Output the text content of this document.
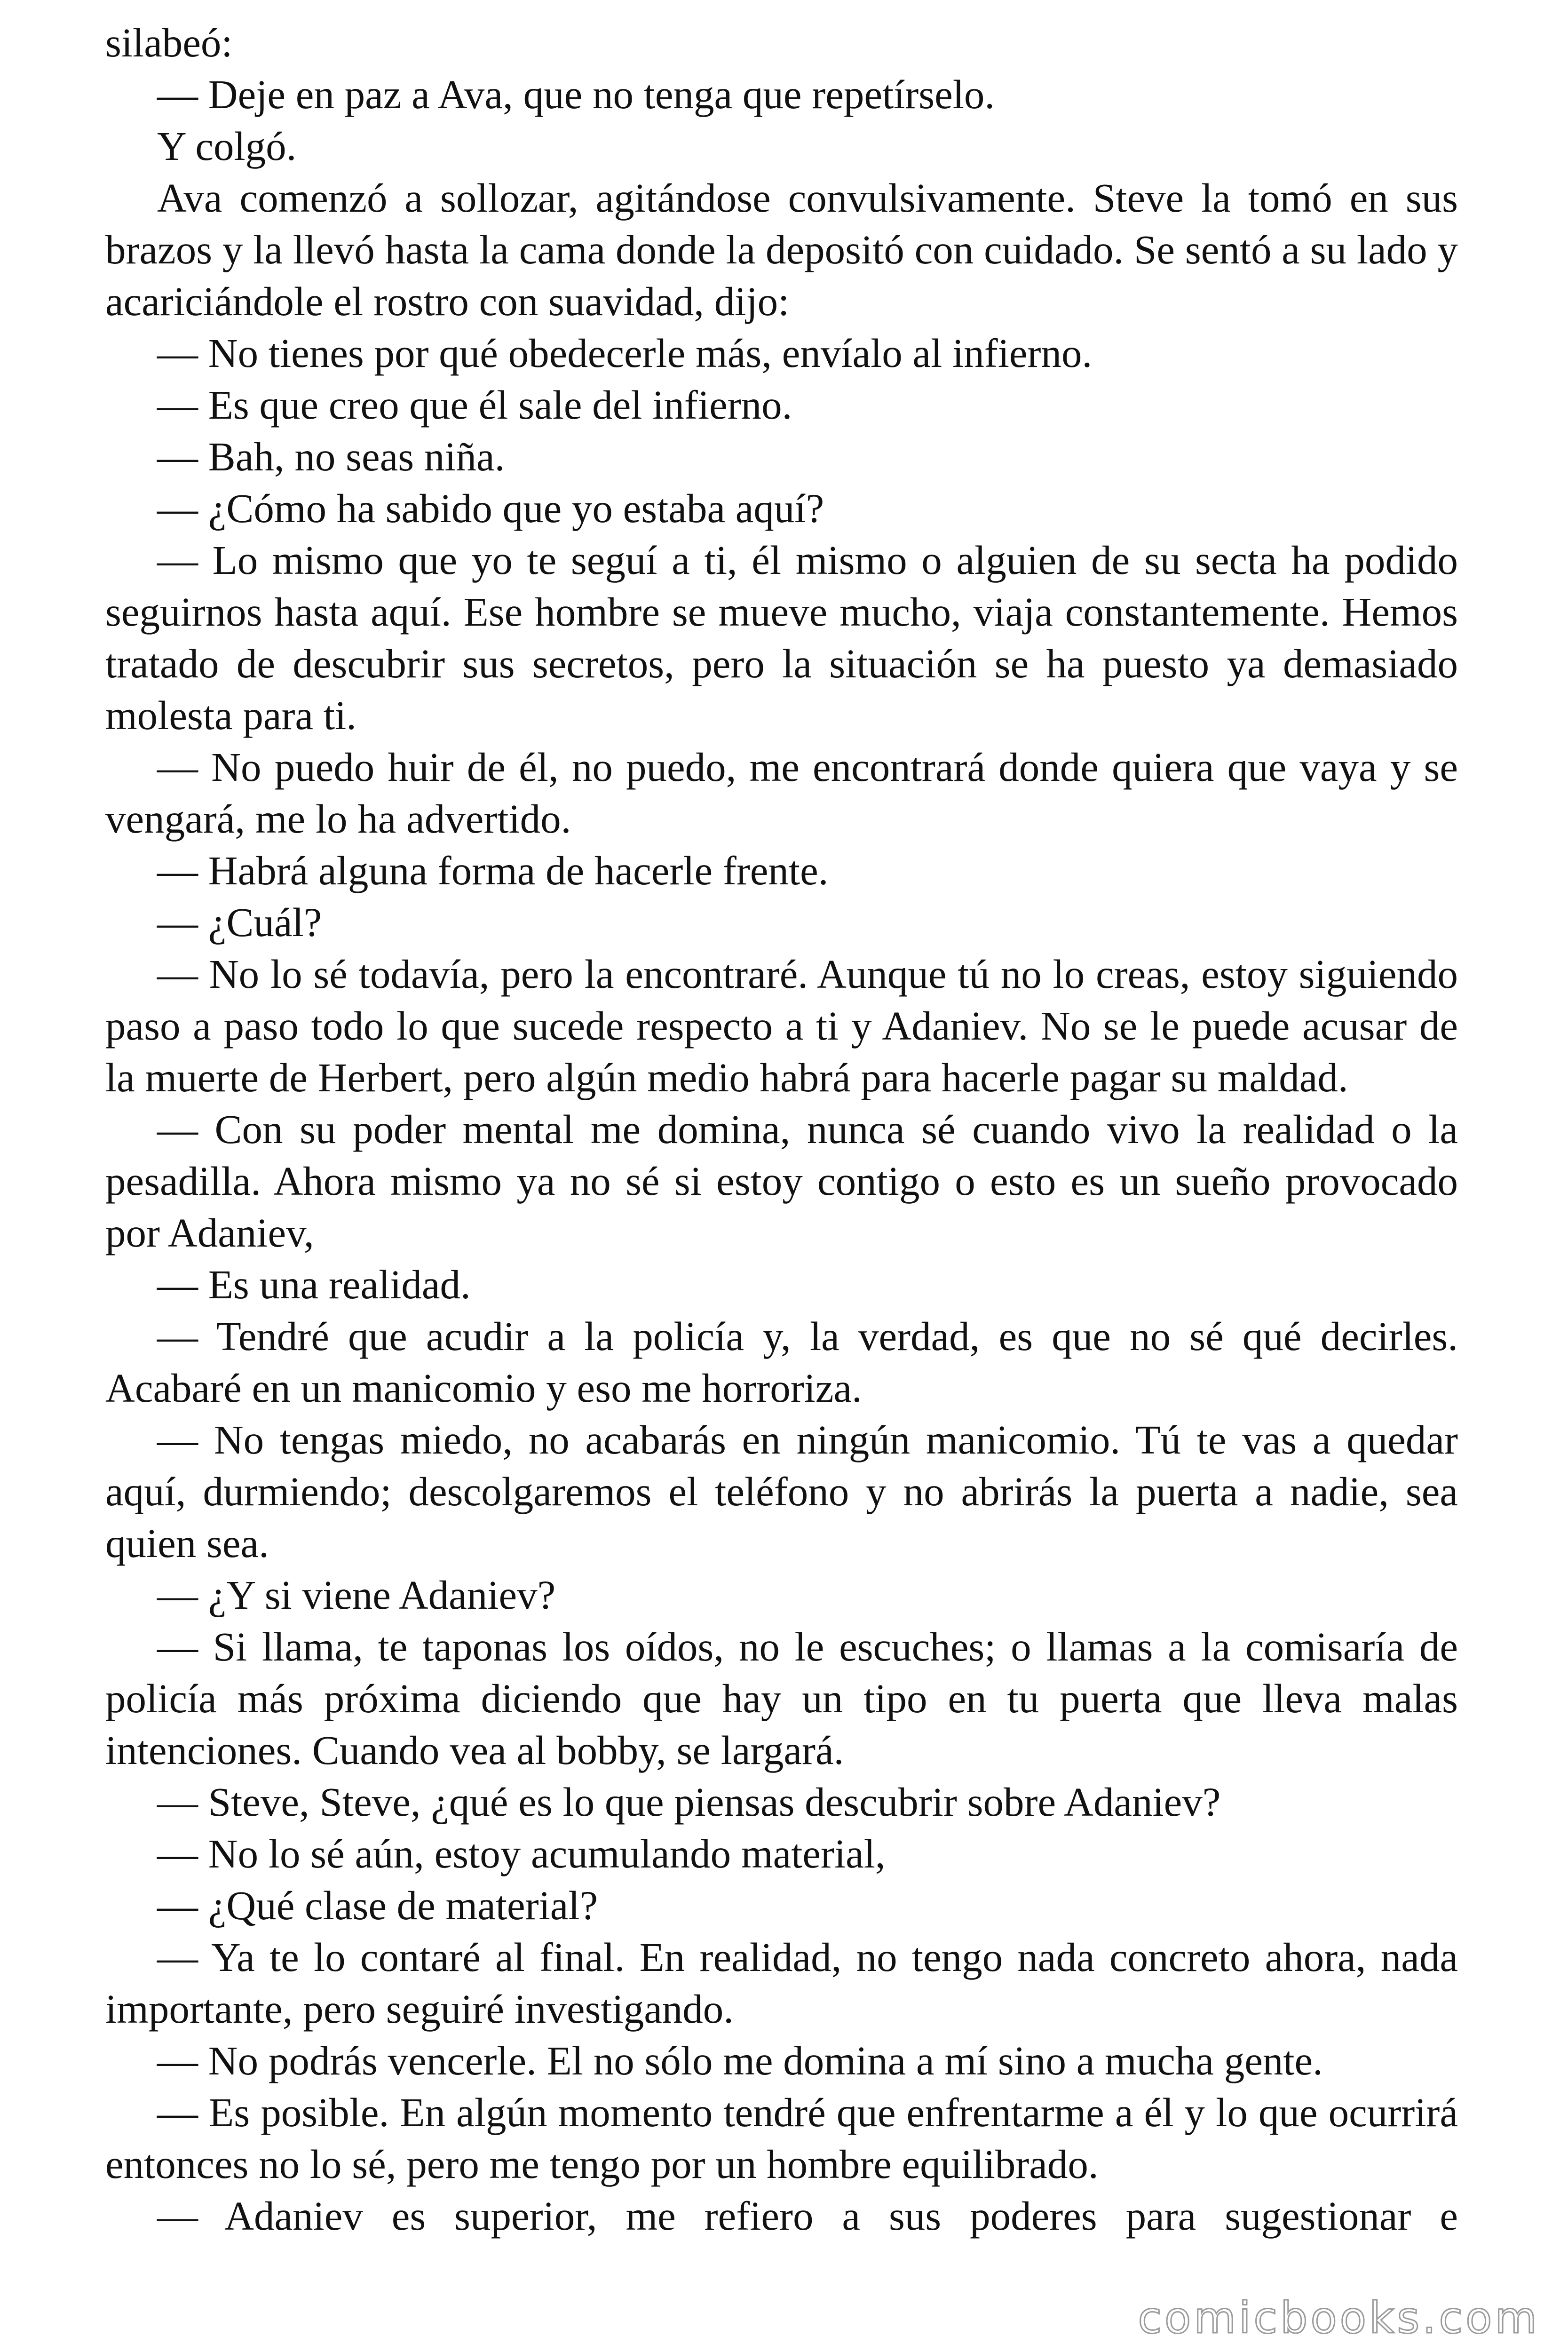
silabeó:

— Deje en paz a Ava, que no tenga que repetírselo.

Y colgó.

Ava comenzó a sollozar, agitándose convulsivamente. Steve la tomó en sus brazos y la llevó hasta la cama donde la depositó con cuidado. Se sentó a su lado y acariciándole el rostro con suavidad, dijo:

— No tienes por qué obedecerle más, envíalo al infierno.

— Es que creo que él sale del infierno.

— Bah, no seas niña.

— ¿Cómo ha sabido que yo estaba aquí?

— Lo mismo que yo te seguí a ti, él mismo o alguien de su secta ha podido seguirnos hasta aquí. Ese hombre se mueve mucho, viaja constantemente. Hemos tratado de descubrir sus secretos, pero la situación se ha puesto ya demasiado molesta para ti.

— No puedo huir de él, no puedo, me encontrará donde quiera que vaya y se vengará, me lo ha advertido.

— Habrá alguna forma de hacerle frente.

— ¿Cuál?

— No lo sé todavía, pero la encontraré. Aunque tú no lo creas, estoy siguiendo paso a paso todo lo que sucede respecto a ti y Adaniev. No se le puede acusar de la muerte de Herbert, pero algún medio habrá para hacerle pagar su maldad.

— Con su poder mental me domina, nunca sé cuando vivo la realidad o la pesadilla. Ahora mismo ya no sé si estoy contigo o esto es un sueño provocado por Adaniev,

— Es una realidad.

— Tendré que acudir a la policía y, la verdad, es que no sé qué decirles. Acabaré en un manicomio y eso me horroriza.

— No tengas miedo, no acabarás en ningún manicomio. Tú te vas a quedar aquí, durmiendo; descolgaremos el teléfono y no abrirás la puerta a nadie, sea quien sea.

— ¿Y si viene Adaniev?

— Si llama, te taponas los oídos, no le escuches; o llamas a la comisaría de policía más próxima diciendo que hay un tipo en tu puerta que lleva malas intenciones. Cuando vea al bobby, se largará.

— Steve, Steve, ¿qué es lo que piensas descubrir sobre Adaniev?

— No lo sé aún, estoy acumulando material,

— ¿Qué clase de material?

— Ya te lo contaré al final. En realidad, no tengo nada concreto ahora, nada importante, pero seguiré investigando.

— No podrás vencerle. El no sólo me domina a mí sino a mucha gente.

— Es posible. En algún momento tendré que enfrentarme a él y lo que ocurrirá entonces no lo sé, pero me tengo por un hombre equilibrado.

— Adaniev es superior, me refiero a sus poderes para sugestionar e

comicbooks.com
